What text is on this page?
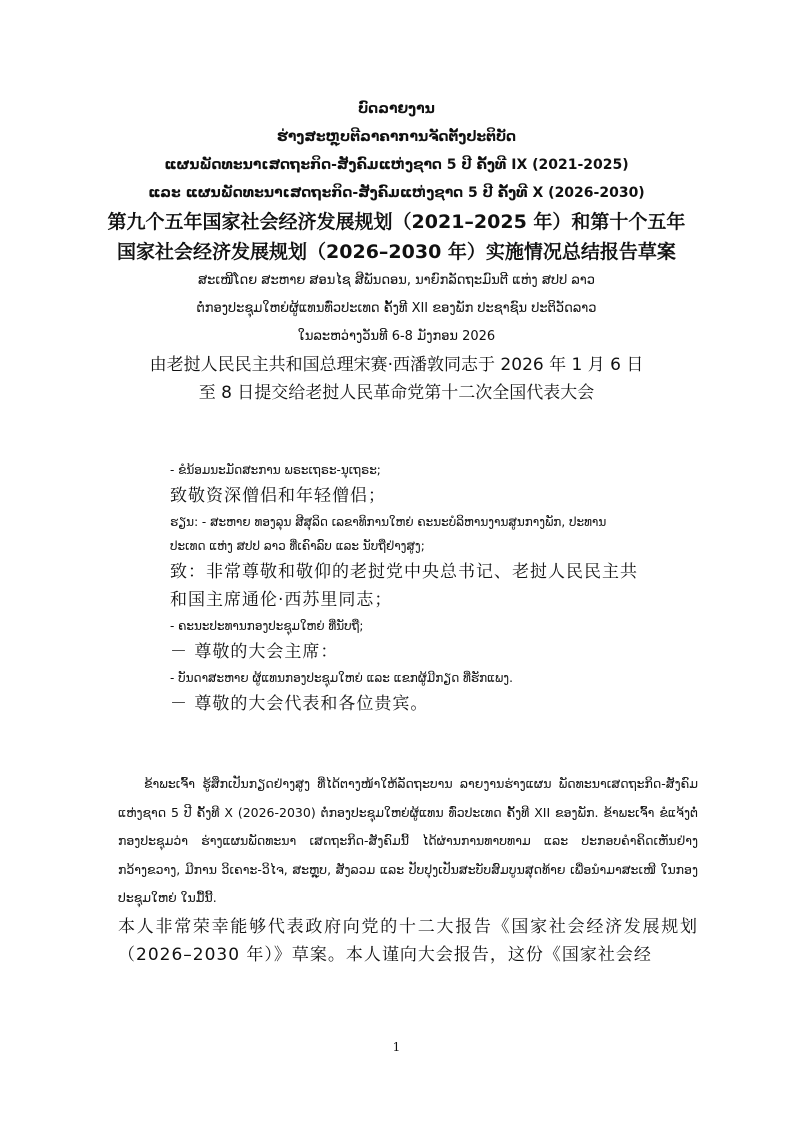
ບົດລາຍງານ

ຮ່າງສະຫຼຸບຕີລາຄາການຈັດຕັ້ງປະຕິບັດ

ແຜນພັດທະນາເສດຖະກິດ-ສັງຄົມແຫ່ງຊາດ 5 ປີ ຄັ້ງທີ IX (2021-2025)

ແລະ ແຜນພັດທະນາເສດຖະກິດ-ສັງຄົມແຫ່ງຊາດ 5 ປີ ຄັ້ງທີ X (2026-2030)

第九个五年国家社会经济发展规划（2021–2025 年）和第十个五年

国家社会经济发展规划（2026–2030 年）实施情况总结报告草案

ສະເໜີໂດຍ ສະຫາຍ ສອນໄຊ ສີພັນດອນ, ນາຍົກລັດຖະມົນຕີ ແຫ່ງ ສປປ ລາວ

ຕໍ່ກອງປະຊຸມໃຫຍ່ຜູ້ແທນທົ່ວປະເທດ ຄັ້ງທີ XII ຂອງພັກ ປະຊາຊົນ ປະຕິວັດລາວ

ໃນລະຫວ່າງວັນທີ 6-8 ມັງກອນ 2026

由老挝人民民主共和国总理宋赛·西潘敦同志于 2026 年 1 月 6 日

至 8 日提交给老挝人民革命党第十二次全国代表大会

- ຂໍນ້ອມນະມັດສະການ ພຣະເຖຣະ-ນຸເຖຣະ;

致敬资深僧侣和年轻僧侣；

ຮຽນ: - ສະຫາຍ ທອງລຸນ ສີສຸລິດ ເລຂາທິການໃຫຍ່ ຄະນະບໍລິຫານງານສູນກາງພັກ, ປະທານ

ປະເທດ ແຫ່ງ ສປປ ລາວ ທີ່ເຄົາລົບ ແລະ ນັບຖືຢ່າງສູງ;

致：非常尊敬和敬仰的老挝党中央总书记、老挝人民民主共

和国主席通伦·西苏里同志；

- ຄະນະປະທານກອງປະຊຸມໃຫຍ່ ທີ່ນັບຖື;

－ 尊敬的大会主席：

- ບັນດາສະຫາຍ ຜູ້ແທນກອງປະຊຸມໃຫຍ່ ແລະ ແຂກຜູ້ມີກຽດ ທີ່ຮັກແພງ.

－ 尊敬的大会代表和各位贵宾。

ຂ້າພະເຈົ້າ ຮູ້ສຶກເປັນກຽດຢ່າງສູງ ທີ່ໄດ້ຕາງໜ້າໃຫ້ລັດຖະບານ ລາຍງານຮ່າງແຜນ ພັດທະນາເສດຖະກິດ-ສັງຄົມແຫ່ງຊາດ 5 ປີ ຄັ້ງທີ X (2026-2030) ຕໍ່ກອງປະຊຸມໃຫຍ່ຜູ້ແທນ ທົ່ວປະເທດ ຄັ້ງທີ XII ຂອງພັກ. ຂ້າພະເຈົ້າ ຂໍແຈ້ງຕໍ່ກອງປະຊຸມວ່າ ຮ່າງແຜນພັດທະນາ ເສດຖະກິດ-ສັງຄົມນີ້ ໄດ້ຜ່ານການທາບທາມ ແລະ ປະກອບຄຳຄິດເຫັນຢ່າງກວ້າງຂວາງ, ມີການ ວິເຄາະ-ວິໄຈ, ສະຫຼຸບ, ສັງລວມ ແລະ ປັບປຸງເປັນສະບັບສົມບູນສຸດທ້າຍ ເພື່ອນຳມາສະເໜີ ໃນກອງປະຊຸມໃຫຍ່ ໃນມື້ນີ້.

本人非常荣幸能够代表政府向党的十二大报告《国家社会经济发展规划（2026–2030 年）》草案。本人谨向大会报告，这份《国家社会经

1
